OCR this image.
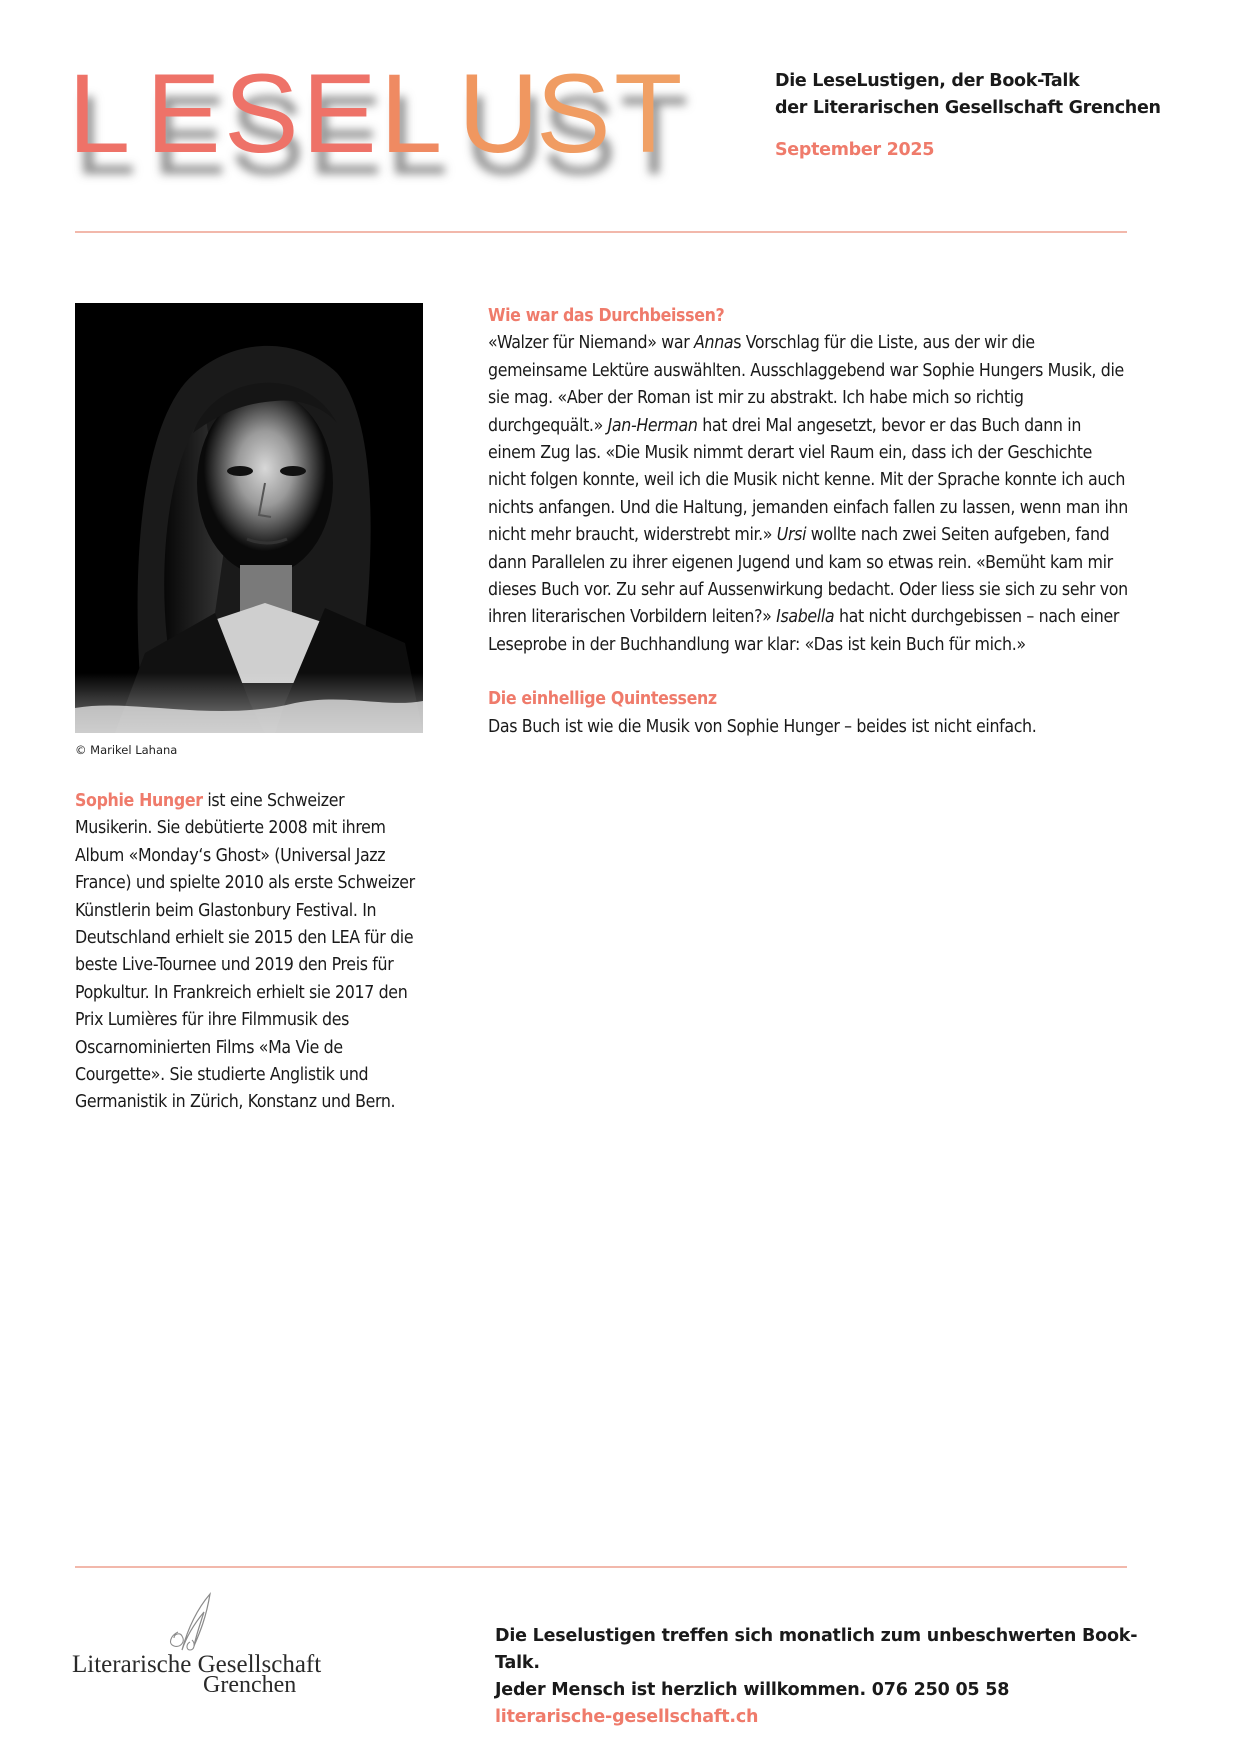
L E S E L U
S T	Die LeseLustigen, der Book-Talk
der Literarischen Gesellschaft Grenchen
September 2025
© Marikel Lahana
Sophie Hunger ist eine Schweizer Musikerin. Sie debütierte 2008 mit ihrem Album «Monday‘s Ghost» (Universal Jazz France) und spielte 2010 als erste Schweizer Künstlerin beim Glastonbury Festival. In Deutschland erhielt sie 2015 den LEA für die beste Live-Tournee und 2019 den Preis für Popkultur. In Frankreich erhielt sie 2017 den Prix Lumières für ihre Filmmusik des Oscarnominierten Films «Ma Vie de Courgette». Sie studierte Anglistik und Germanistik in Zürich, Konstanz und Bern.
Wie war das Durchbeissen?

«Walzer für Niemand» war Annas Vorschlag für die Liste, aus der wir die gemeinsame Lektüre auswählten. Ausschlaggebend war Sophie Hungers Musik, die sie mag. «Aber der Roman ist mir zu abstrakt. Ich habe mich so richtig durchgequält.» Jan-Herman hat drei Mal angesetzt, bevor er das Buch dann in einem Zug las. «Die Musik nimmt derart viel Raum ein, dass ich der Geschichte nicht folgen konnte, weil ich die Musik nicht kenne. Mit der Sprache konnte ich auch nichts anfangen. Und die Haltung, jemanden einfach fallen zu lassen, wenn man ihn nicht mehr braucht, widerstrebt mir.» Ursi wollte nach zwei Seiten aufgeben, fand dann Parallelen zu ihrer eigenen Jugend und kam so etwas rein. «Bemüht kam mir dieses Buch vor. Zu sehr auf Aussenwirkung bedacht. Oder liess sie sich zu sehr von ihren literarischen Vorbildern leiten?» Isabella hat nicht durchgebissen – nach einer Leseprobe in der Buchhandlung war klar: «Das ist kein Buch für mich.»

Die einhellige Quintessenz

Das Buch ist wie die Musik von Sophie Hunger – beides ist nicht einfach.

Literarische Gesellschaft
Grenchen
Die Leselustigen treffen sich monatlich zum unbeschwerten Book-Talk.
Jeder Mensch ist herzlich willkommen. 076 250 05 58
literarische-gesellschaft.ch
